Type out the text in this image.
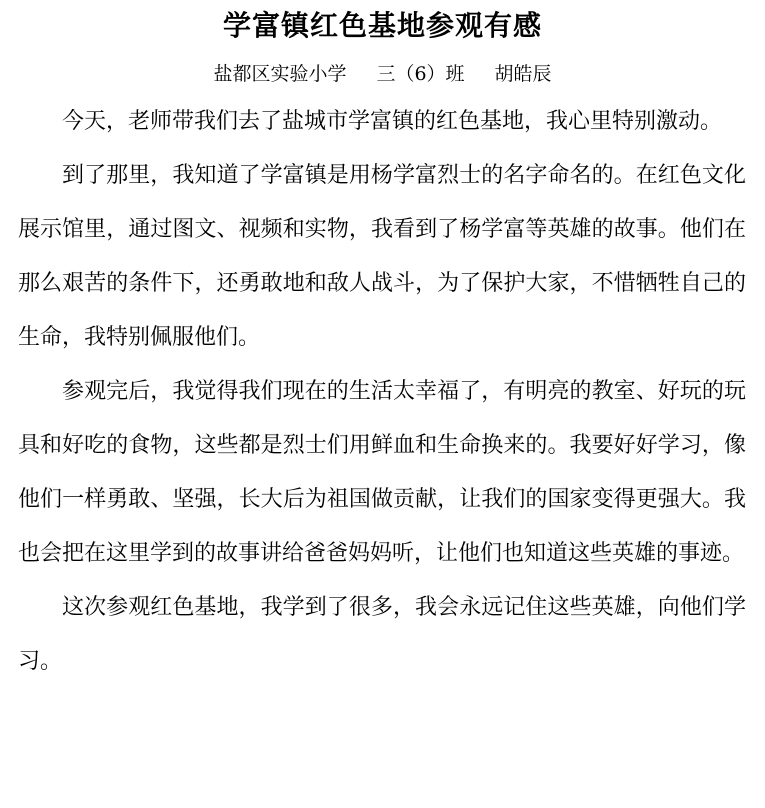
学富镇红色基地参观有感
盐都区实验小学 三（6）班 胡皓辰

今天，老师带我们去了盐城市学富镇的红色基地，我心里特别激动。

到了那里，我知道了学富镇是用杨学富烈士的名字命名的。在红色文化展示馆里，通过图文、视频和实物，我看到了杨学富等英雄的故事。他们在那么艰苦的条件下，还勇敢地和敌人战斗，为了保护大家，不惜牺牲自己的生命，我特别佩服他们。

参观完后，我觉得我们现在的生活太幸福了，有明亮的教室、好玩的玩具和好吃的食物，这些都是烈士们用鲜血和生命换来的。我要好好学习，像他们一样勇敢、坚强，长大后为祖国做贡献，让我们的国家变得更强大。我也会把在这里学到的故事讲给爸爸妈妈听，让他们也知道这些英雄的事迹。

这次参观红色基地，我学到了很多，我会永远记住这些英雄，向他们学习。
